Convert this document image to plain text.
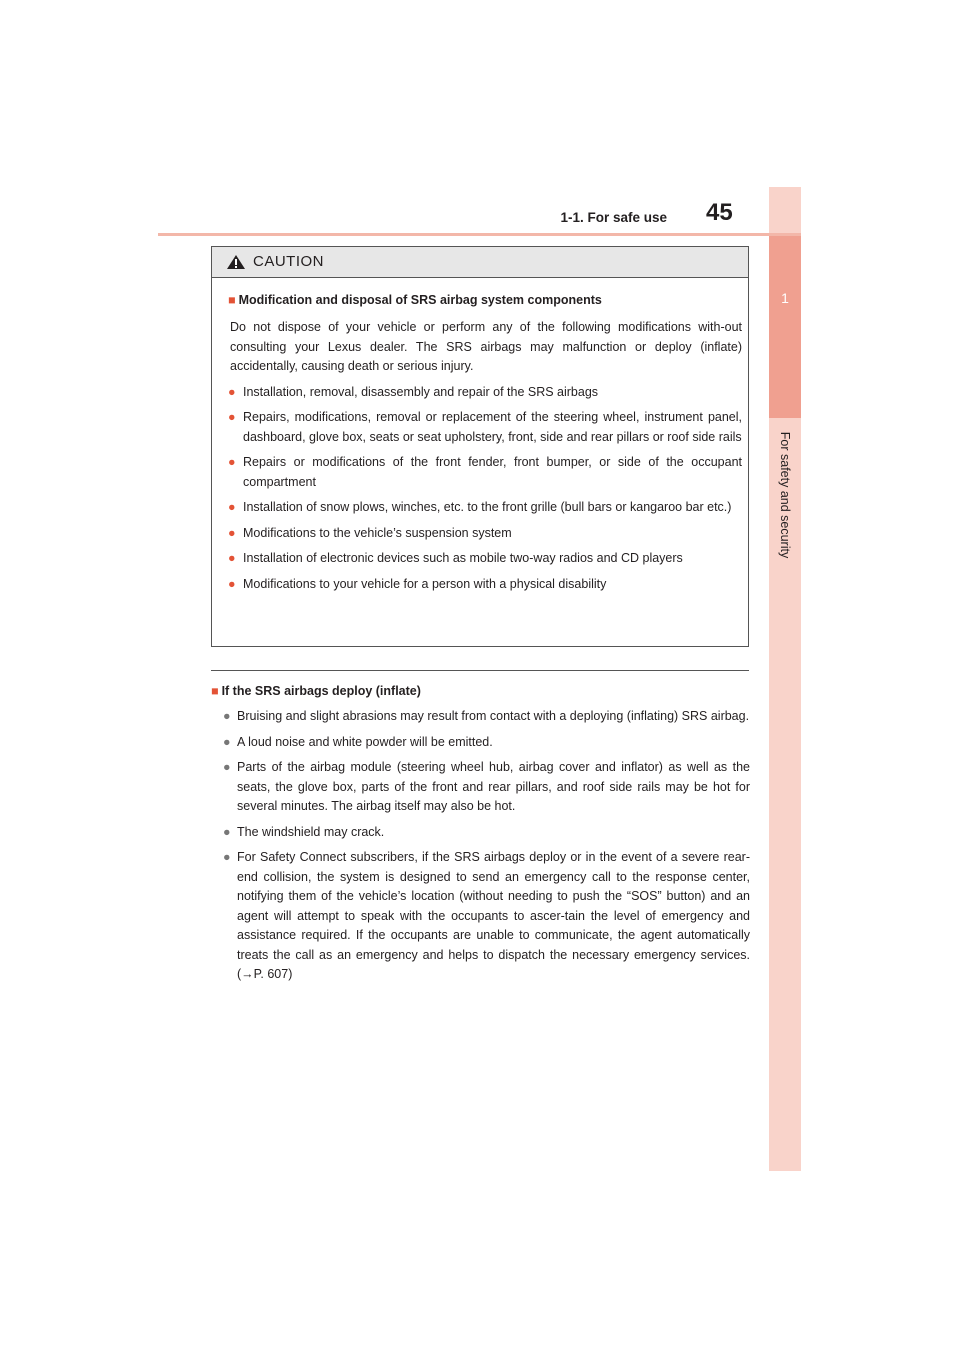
1
For safety and security
1-1. For safe use 45
CAUTION
■ Modification and disposal of SRS airbag system components
Do not dispose of your vehicle or perform any of the following modifications with-out consulting your Lexus dealer. The SRS airbags may malfunction or deploy (inflate) accidentally, causing death or serious injury.
● Installation, removal, disassembly and repair of the SRS airbags
● Repairs, modifications, removal or replacement of the steering wheel, instrument panel, dashboard, glove box, seats or seat upholstery, front, side and rear pillars or roof side rails
● Repairs or modifications of the front fender, front bumper, or side of the occupant compartment
● Installation of snow plows, winches, etc. to the front grille (bull bars or kangaroo bar etc.)
● Modifications to the vehicle’s suspension system
● Installation of electronic devices such as mobile two-way radios and CD players
● Modifications to your vehicle for a person with a physical disability
■ If the SRS airbags deploy (inflate)
● Bruising and slight abrasions may result from contact with a deploying (inflating) SRS airbag.
● A loud noise and white powder will be emitted.
● Parts of the airbag module (steering wheel hub, airbag cover and inflator) as well as the seats, the glove box, parts of the front and rear pillars, and roof side rails may be hot for several minutes. The airbag itself may also be hot.
● The windshield may crack.
● For Safety Connect subscribers, if the SRS airbags deploy or in the event of a severe rear-end collision, the system is designed to send an emergency call to the response center, notifying them of the vehicle’s location (without needing to push the “SOS” button) and an agent will attempt to speak with the occupants to ascer-tain the level of emergency and assistance required. If the occupants are unable to communicate, the agent automatically treats the call as an emergency and helps to dispatch the necessary emergency services. (→P. 607)
